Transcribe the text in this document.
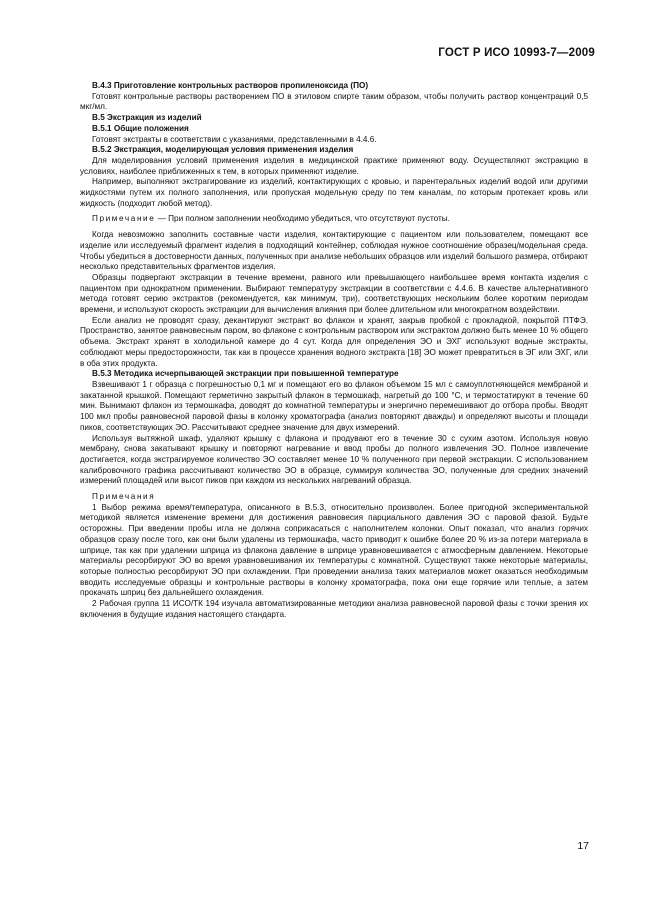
ГОСТ Р ИСО 10993-7—2009

B.4.3 Приготовление контрольных растворов пропиленоксида (ПО)

Готовят контрольные растворы растворением ПО в этиловом спирте таким образом, чтобы получить раствор концентраций 0,5 мкг/мл.

B.5 Экстракция из изделий

B.5.1 Общие положения

Готовят экстракты в соответствии с указаниями, представленными в 4.4.6.

B.5.2 Экстракция, моделирующая условия применения изделия

Для моделирования условий применения изделия в медицинской практике применяют воду. Осуществляют экстракцию в условиях, наиболее приближенных к тем, в которых применяют изделие.

Например, выполняют экстрагирование из изделий, контактирующих с кровью, и парентеральных изделий водой или другими жидкостями путем их полного заполнения, или пропуская модельную среду по тем каналам, по которым протекает кровь или жидкость (подходит любой метод).

Примечание — При полном заполнении необходимо убедиться, что отсутствуют пустоты.

Когда невозможно заполнить составные части изделия, контактирующие с пациентом или пользователем, помещают все изделие или исследуемый фрагмент изделия в подходящий контейнер, соблюдая нужное соотношение образец/модельная среда. Чтобы убедиться в достоверности данных, полученных при анализе небольших образцов или изделий большого размера, отбирают несколько представительных фрагментов изделия.

Образцы подвергают экстракции в течение времени, равного или превышающего наибольшее время контакта изделия с пациентом при однократном применении. Выбирают температуру экстракции в соответствии с 4.4.6. В качестве альтернативного метода готовят серию экстрактов (рекомендуется, как минимум, три), соответствующих нескольким более коротким периодам времени, и используют скорость экстракции для вычисления влияния при более длительном или многократном воздействии.

Если анализ не проводят сразу, декантируют экстракт во флакон и хранят, закрыв пробкой с прокладкой, покрытой ПТФЭ. Пространство, занятое равновесным паром, во флаконе с контрольным раствором или экстрактом должно быть менее 10 % общего объема. Экстракт хранят в холодильной камере до 4 сут. Когда для определения ЭО и ЭХГ используют водные экстракты, соблюдают меры предосторожности, так как в процессе хранения водного экстракта [18] ЭО может превратиться в ЭГ или ЭХГ, или в оба этих продукта.

B.5.3 Методика исчерпывающей экстракции при повышенной температуре

Взвешивают 1 г образца с погрешностью 0,1 мг и помещают его во флакон объемом 15 мл с самоуплотняющейся мембраной и закатанной крышкой. Помещают герметично закрытый флакон в термошкаф, нагретый до 100 °С, и термостатируют в течение 60 мин. Вынимают флакон из термошкафа, доводят до комнатной температуры и энергично перемешивают до отбора пробы. Вводят 100 мкл пробы равновесной паровой фазы в колонку хроматографа (анализ повторяют дважды) и определяют высоты и площади пиков, соответствующих ЭО. Рассчитывают среднее значение для двух измерений.

Используя вытяжной шкаф, удаляют крышку с флакона и продувают его в течение 30 с сухим азотом. Используя новую мембрану, снова закатывают крышку и повторяют нагревание и ввод пробы до полного извлечения ЭО. Полное извлечение достигается, когда экстрагируемое количество ЭО составляет менее 10 % полученного при первой экстракции. С использованием калибровочного графика рассчитывают количество ЭО в образце, суммируя количества ЭО, полученные для средних значений измерений площадей или высот пиков при каждом из нескольких нагреваний образца.

Примечания

1 Выбор режима время/температура, описанного в В.5.3, относительно произволен. Более пригодной экспериментальной методикой является изменение времени для достижения равновесия парциального давления ЭО с паровой фазой. Будьте осторожны. При введении пробы игла не должна соприкасаться с наполнителем колонки. Опыт показал, что анализ горячих образцов сразу после того, как они были удалены из термошкафа, часто приводит к ошибке более 20 % из-за потери материала в шприце, так как при удалении шприца из флакона давление в шприце уравновешивается с атмосферным давлением. Некоторые материалы ресорбируют ЭО во время уравновешивания их температуры с комнатной. Существуют также некоторые материалы, которые полностью ресорбируют ЭО при охлаждении. При проведении анализа таких материалов может оказаться необходимым вводить исследуемые образцы и контрольные растворы в колонку хроматографа, пока они еще горячие или теплые, а затем прокачать шприц без дальнейшего охлаждения.

2 Рабочая группа 11 ИСО/ТК 194 изучала автоматизированные методики анализа равновесной паровой фазы с точки зрения их включения в будущие издания настоящего стандарта.

17
